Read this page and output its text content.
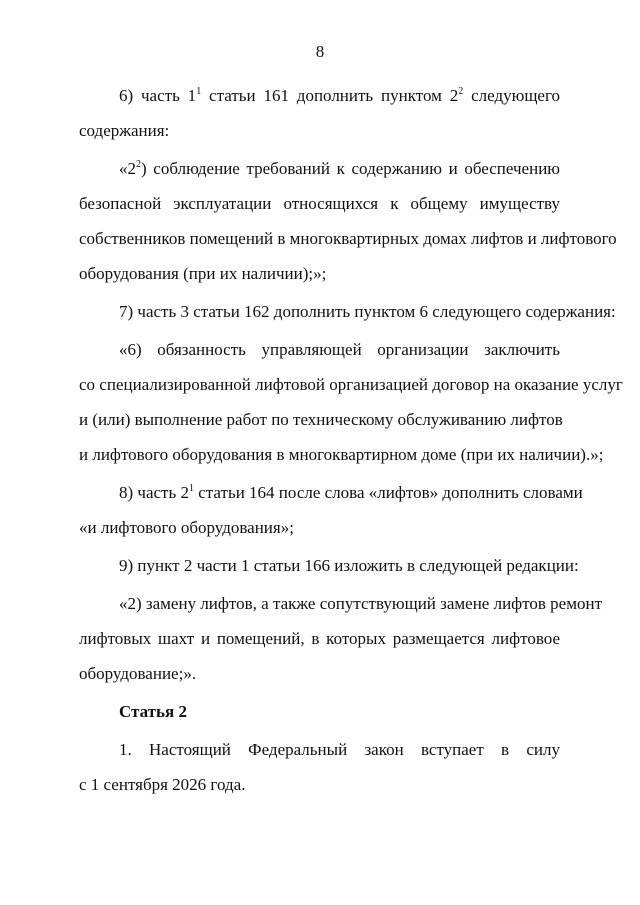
8
6) часть $1^1$ статьи 161 дополнить пунктом $2^2$ следующего
содержания:
«$2^2$) соблюдение требований к содержанию и обеспечению
безопасной эксплуатации относящихся к общему имуществу
собственников помещений в многоквартирных домах лифтов и лифтового
оборудования (при их наличии);»;
7) часть 3 статьи 162 дополнить пунктом 6 следующего содержания:
«6) обязанность управляющей организации заключить
со специализированной лифтовой организацией договор на оказание услуг
и (или) выполнение работ по техническому обслуживанию лифтов
и лифтового оборудования в многоквартирном доме (при их наличии).»;
8) часть $2^1$ статьи 164 после слова «лифтов» дополнить словами
«и лифтового оборудования»;
9) пункт 2 части 1 статьи 166 изложить в следующей редакции:
«2) замену лифтов, а также сопутствующий замене лифтов ремонт
лифтовых шахт и помещений, в которых размещается лифтовое
оборудование;».
Статья 2
1. Настоящий Федеральный закон вступает в силу
с 1 сентября 2026 года.
